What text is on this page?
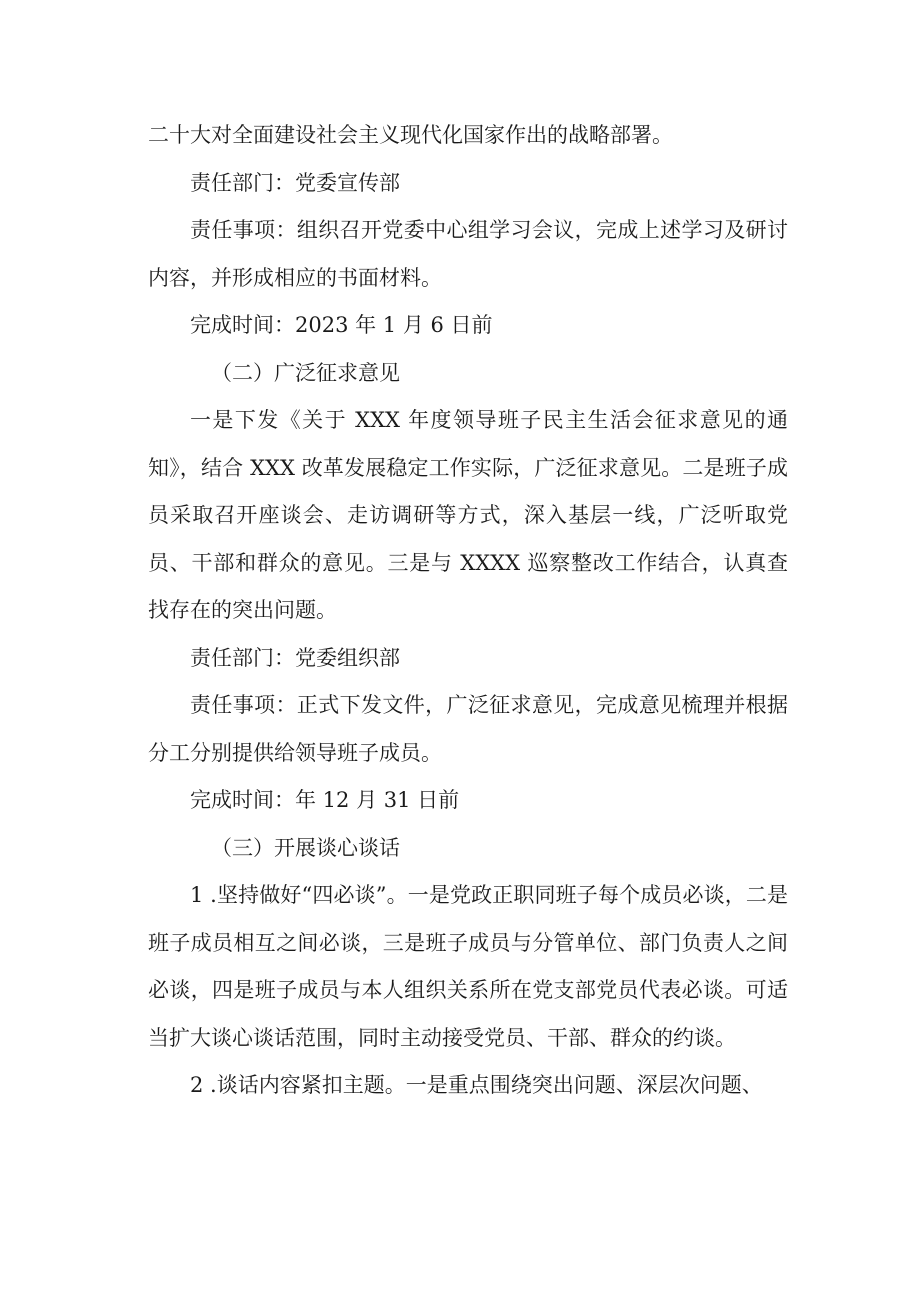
二十大对全面建设社会主义现代化国家作出的战略部署。

责任部门：党委宣传部

责任事项：组织召开党委中心组学习会议，完成上述学习及研讨内容，并形成相应的书面材料。

完成时间：2023 年 1 月 6 日前

（二）广泛征求意见

一是下发《关于 XXX 年度领导班子民主生活会征求意见的通知》，结合 XXX 改革发展稳定工作实际，广泛征求意见。二是班子成员采取召开座谈会、走访调研等方式，深入基层一线，广泛听取党员、干部和群众的意见。三是与 XXXX 巡察整改工作结合，认真查找存在的突出问题。

责任部门：党委组织部

责任事项：正式下发文件，广泛征求意见，完成意见梳理并根据分工分别提供给领导班子成员。

完成时间：年 12 月 31 日前

（三）开展谈心谈话

1 .坚持做好“四必谈”。一是党政正职同班子每个成员必谈，二是班子成员相互之间必谈，三是班子成员与分管单位、部门负责人之间必谈，四是班子成员与本人组织关系所在党支部党员代表必谈。可适当扩大谈心谈话范围，同时主动接受党员、干部、群众的约谈。

2 .谈话内容紧扣主题。一是重点围绕突出问题、深层次问题、
